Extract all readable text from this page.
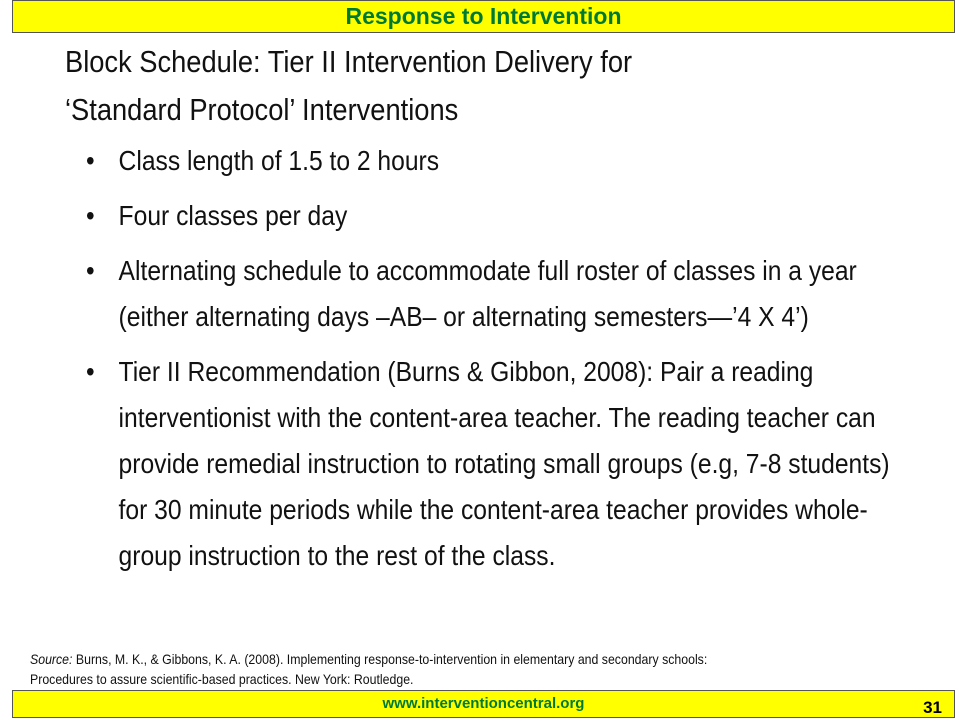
Response to Intervention
Block Schedule: Tier II Intervention Delivery for
‘Standard Protocol’ Interventions
• Class length of 1.5 to 2 hours
• Four classes per day
• Alternating schedule to accommodate full roster of classes in a year (either alternating days –AB– or alternating semesters—’4 X 4’)
• Tier II Recommendation (Burns & Gibbon, 2008): Pair a reading interventionist with the content-area teacher. The reading teacher can provide remedial instruction to rotating small groups (e.g, 7-8 students) for 30 minute periods while the content-area teacher provides whole-group instruction to the rest of the class.

Source: Burns, M. K., & Gibbons, K. A. (2008). Implementing response-to-intervention in elementary and secondary schools:
Procedures to assure scientific-based practices. New York: Routledge.

www.interventioncentral.org	31
